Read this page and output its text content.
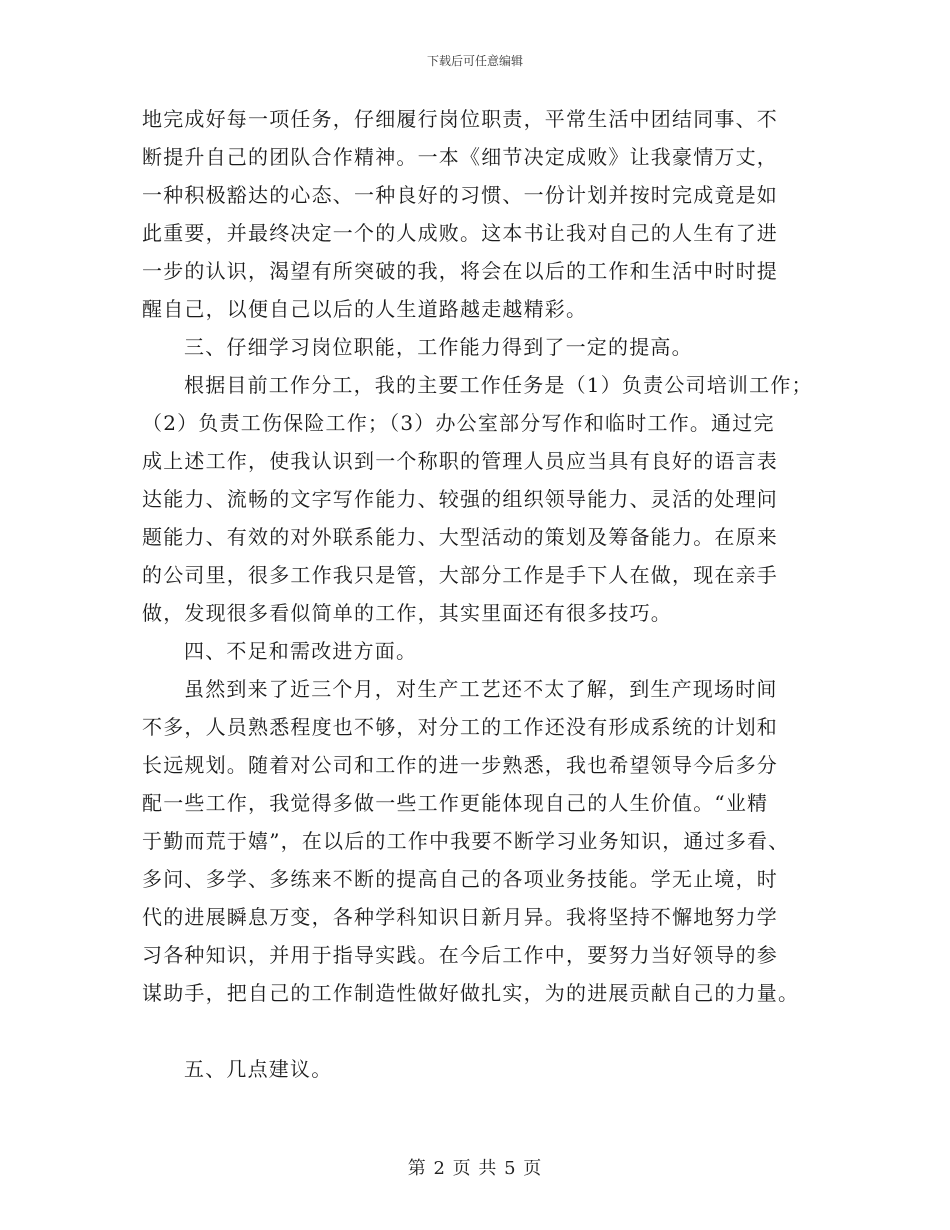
下载后可任意编辑
地完成好每一项任务，仔细履行岗位职责，平常生活中团结同事、不
断提升自己的团队合作精神。一本《细节决定成败》让我豪情万丈，
一种积极豁达的心态、一种良好的习惯、一份计划并按时完成竟是如
此重要，并最终决定一个的人成败。这本书让我对自己的人生有了进
一步的认识，渴望有所突破的我，将会在以后的工作和生活中时时提
醒自己，以便自己以后的人生道路越走越精彩。
三、仔细学习岗位职能，工作能力得到了一定的提高。
根据目前工作分工，我的主要工作任务是（1）负责公司培训工作；
（2）负责工伤保险工作；（3）办公室部分写作和临时工作。通过完
成上述工作，使我认识到一个称职的管理人员应当具有良好的语言表
达能力、流畅的文字写作能力、较强的组织领导能力、灵活的处理问
题能力、有效的对外联系能力、大型活动的策划及筹备能力。在原来
的公司里，很多工作我只是管，大部分工作是手下人在做，现在亲手
做，发现很多看似简单的工作，其实里面还有很多技巧。
四、不足和需改进方面。
虽然到来了近三个月，对生产工艺还不太了解，到生产现场时间
不多，人员熟悉程度也不够，对分工的工作还没有形成系统的计划和
长远规划。随着对公司和工作的进一步熟悉，我也希望领导今后多分
配一些工作，我觉得多做一些工作更能体现自己的人生价值。“业精
于勤而荒于嬉”，在以后的工作中我要不断学习业务知识，通过多看、
多问、多学、多练来不断的提高自己的各项业务技能。学无止境，时
代的进展瞬息万变，各种学科知识日新月异。我将坚持不懈地努力学
习各种知识，并用于指导实践。在今后工作中，要努力当好领导的参
谋助手，把自己的工作制造性做好做扎实，为的进展贡献自己的力量。
五、几点建议。
第 2 页 共 5 页
